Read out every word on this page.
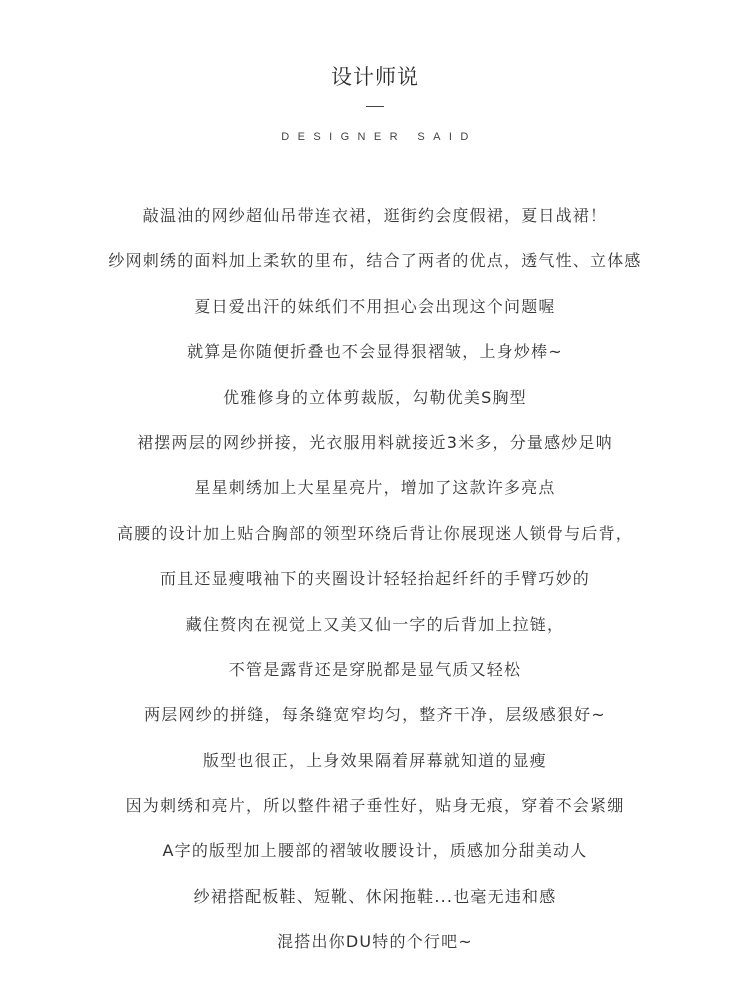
设计师说
DESIGNER SAID
敲温油的网纱超仙吊带连衣裙，逛街约会度假裙，夏日战裙！
纱网刺绣的面料加上柔软的里布，结合了两者的优点，透气性、立体感
夏日爱出汗的妹纸们不用担心会出现这个问题喔
就算是你随便折叠也不会显得狠褶皱，上身炒棒~
优雅修身的立体剪裁版，勾勒优美S胸型
裙摆两层的网纱拼接，光衣服用料就接近3米多，分量感炒足呐
星星刺绣加上大星星亮片，增加了这款许多亮点
高腰的设计加上贴合胸部的领型环绕后背让你展现迷人锁骨与后背，
而且还显瘦哦袖下的夹圈设计轻轻抬起纤纤的手臂巧妙的
藏住赘肉在视觉上又美又仙一字的后背加上拉链，
不管是露背还是穿脱都是显气质又轻松
两层网纱的拼缝，每条缝宽窄均匀，整齐干净，层级感狠好~
版型也很正，上身效果隔着屏幕就知道的显瘦
因为刺绣和亮片，所以整件裙子垂性好，贴身无痕，穿着不会紧绷
A字的版型加上腰部的褶皱收腰设计，质感加分甜美动人
纱裙搭配板鞋、短靴、休闲拖鞋...也毫无违和感
混搭出你DU特的个行吧~
